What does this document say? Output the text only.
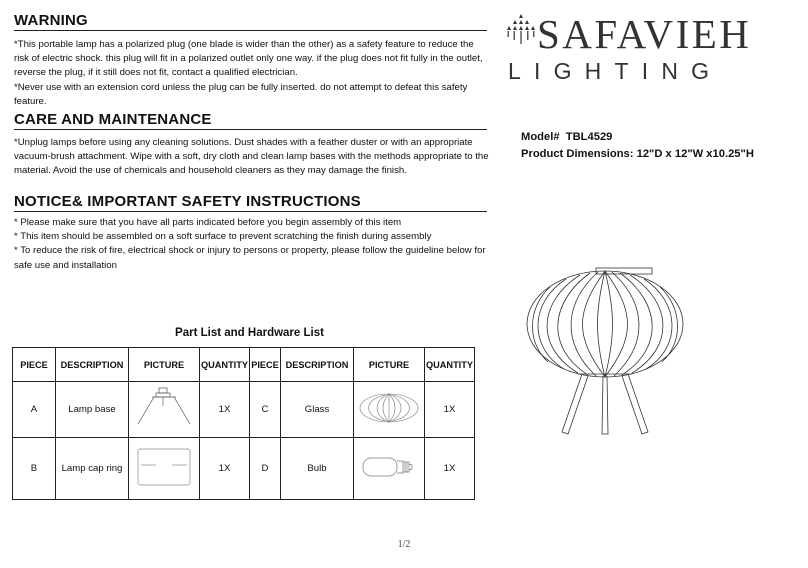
WARNING

*This portable lamp has a polarized plug (one blade is wider than the other) as a safety feature to reduce the risk of electric shock. this plug will fit in a polarized outlet only one way. if the plug does not fit fully in the outlet, reverse the plug, if it still does not fit, contact a qualified electrician.

*Never use with an extension cord unless the plug can be fully inserted. do not attempt to defeat this safety feature.

CARE AND MAINTENANCE

*Unplug lamps before using any cleaning solutions. Dust shades with a feather duster or with an appropriate vacuum-brush attachment. Wipe with a soft, dry cloth and clean lamp bases with the methods appropriate to the material. Avoid the use of chemicals and household cleaners as they may damage the finish.

NOTICE& IMPORTANT SAFETY INSTRUCTIONS

* Please make sure that you have all parts indicated before you begin assembly of this item

* This item should be assembled on a soft surface to prevent scratching the finish during assembly

* To reduce the risk of fire, electrical shock or injury to persons or property, please follow the guideline below for safe use and installation

SAFAVIEH
LIGHTING
Model#  TBL4529
Product Dimensions: 12"D x 12"W x10.25"H
Part List and Hardware List
PIECE	DESCRIPTION	PICTURE	QUANTITY	PIECE	DESCRIPTION	PICTURE	QUANTITY
A	Lamp base		1X	C	Glass		1X
B	Lamp cap ring		1X	D	Bulb		1X
1/2
